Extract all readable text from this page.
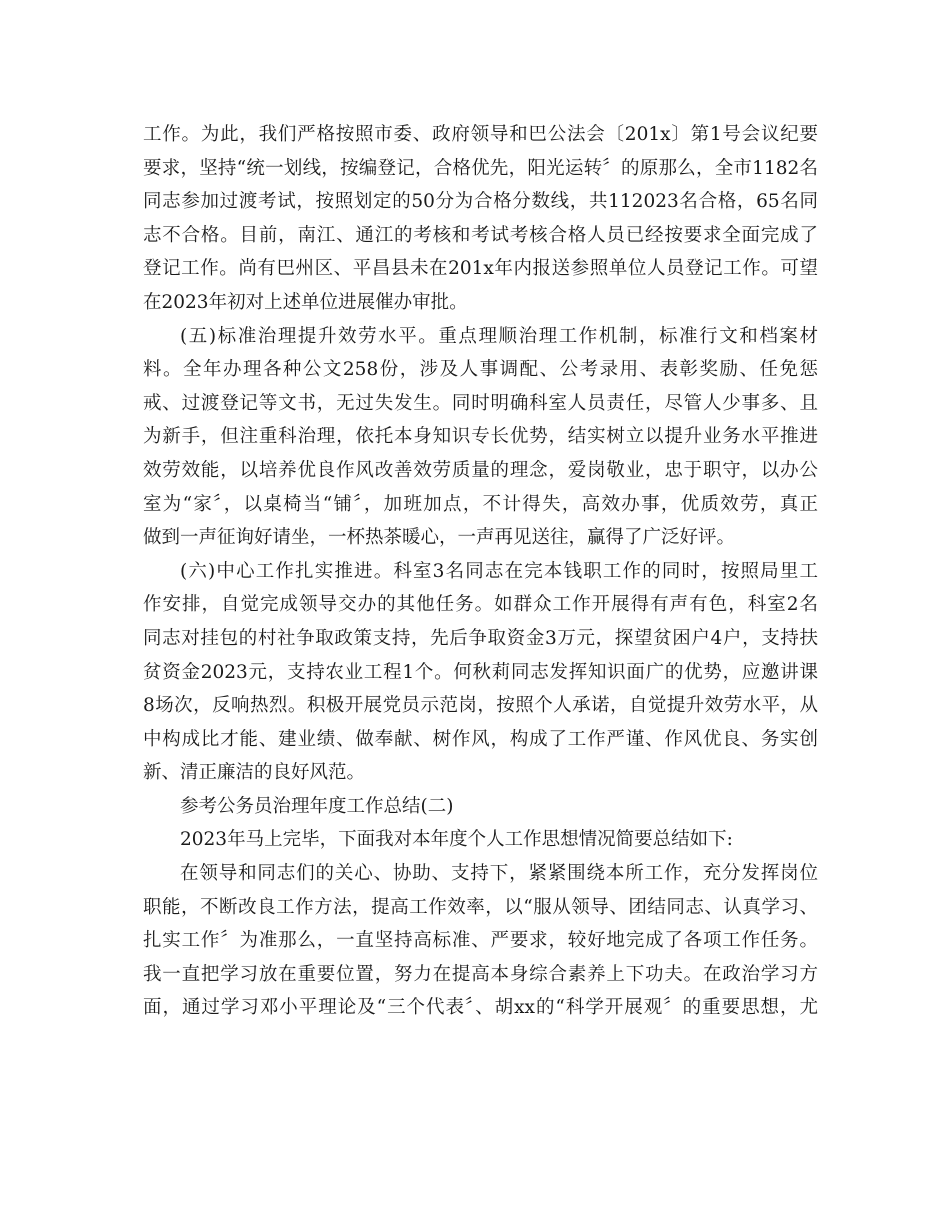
工作。为此，我们严格按照市委、政府领导和巴公法会〔201x〕第1号会议纪要
要求，坚持“统一划线，按编登记，合格优先，阳光运转〞的原那么，全市1182名
同志参加过渡考试，按照划定的50分为合格分数线，共112023名合格，65名同
志不合格。目前，南江、通江的考核和考试考核合格人员已经按要求全面完成了
登记工作。尚有巴州区、平昌县未在201x年内报送参照单位人员登记工作。可望
在2023年初对上述单位进展催办审批。
(五)标准治理提升效劳水平。重点理顺治理工作机制，标准行文和档案材
料。全年办理各种公文258份，涉及人事调配、公考录用、表彰奖励、任免惩
戒、过渡登记等文书，无过失发生。同时明确科室人员责任，尽管人少事多、且
为新手，但注重科治理，依托本身知识专长优势，结实树立以提升业务水平推进
效劳效能，以培养优良作风改善效劳质量的理念，爱岗敬业，忠于职守，以办公
室为“家〞，以桌椅当“铺〞，加班加点，不计得失，高效办事，优质效劳，真正
做到一声征询好请坐，一杯热茶暖心，一声再见送往，赢得了广泛好评。
(六)中心工作扎实推进。科室3名同志在完本钱职工作的同时，按照局里工
作安排，自觉完成领导交办的其他任务。如群众工作开展得有声有色，科室2名
同志对挂包的村社争取政策支持，先后争取资金3万元，探望贫困户4户，支持扶
贫资金2023元，支持农业工程1个。何秋莉同志发挥知识面广的优势，应邀讲课
8场次，反响热烈。积极开展党员示范岗，按照个人承诺，自觉提升效劳水平，从
中构成比才能、建业绩、做奉献、树作风，构成了工作严谨、作风优良、务实创
新、清正廉洁的良好风范。
参考公务员治理年度工作总结(二)
2023年马上完毕，下面我对本年度个人工作思想情况简要总结如下:
在领导和同志们的关心、协助、支持下，紧紧围绕本所工作，充分发挥岗位
职能，不断改良工作方法，提高工作效率，以“服从领导、团结同志、认真学习、
扎实工作〞为准那么，一直坚持高标准、严要求，较好地完成了各项工作任务。
我一直把学习放在重要位置，努力在提高本身综合素养上下功夫。在政治学习方
面，通过学习邓小平理论及“三个代表〞、胡xx的“科学开展观〞的重要思想，尤
